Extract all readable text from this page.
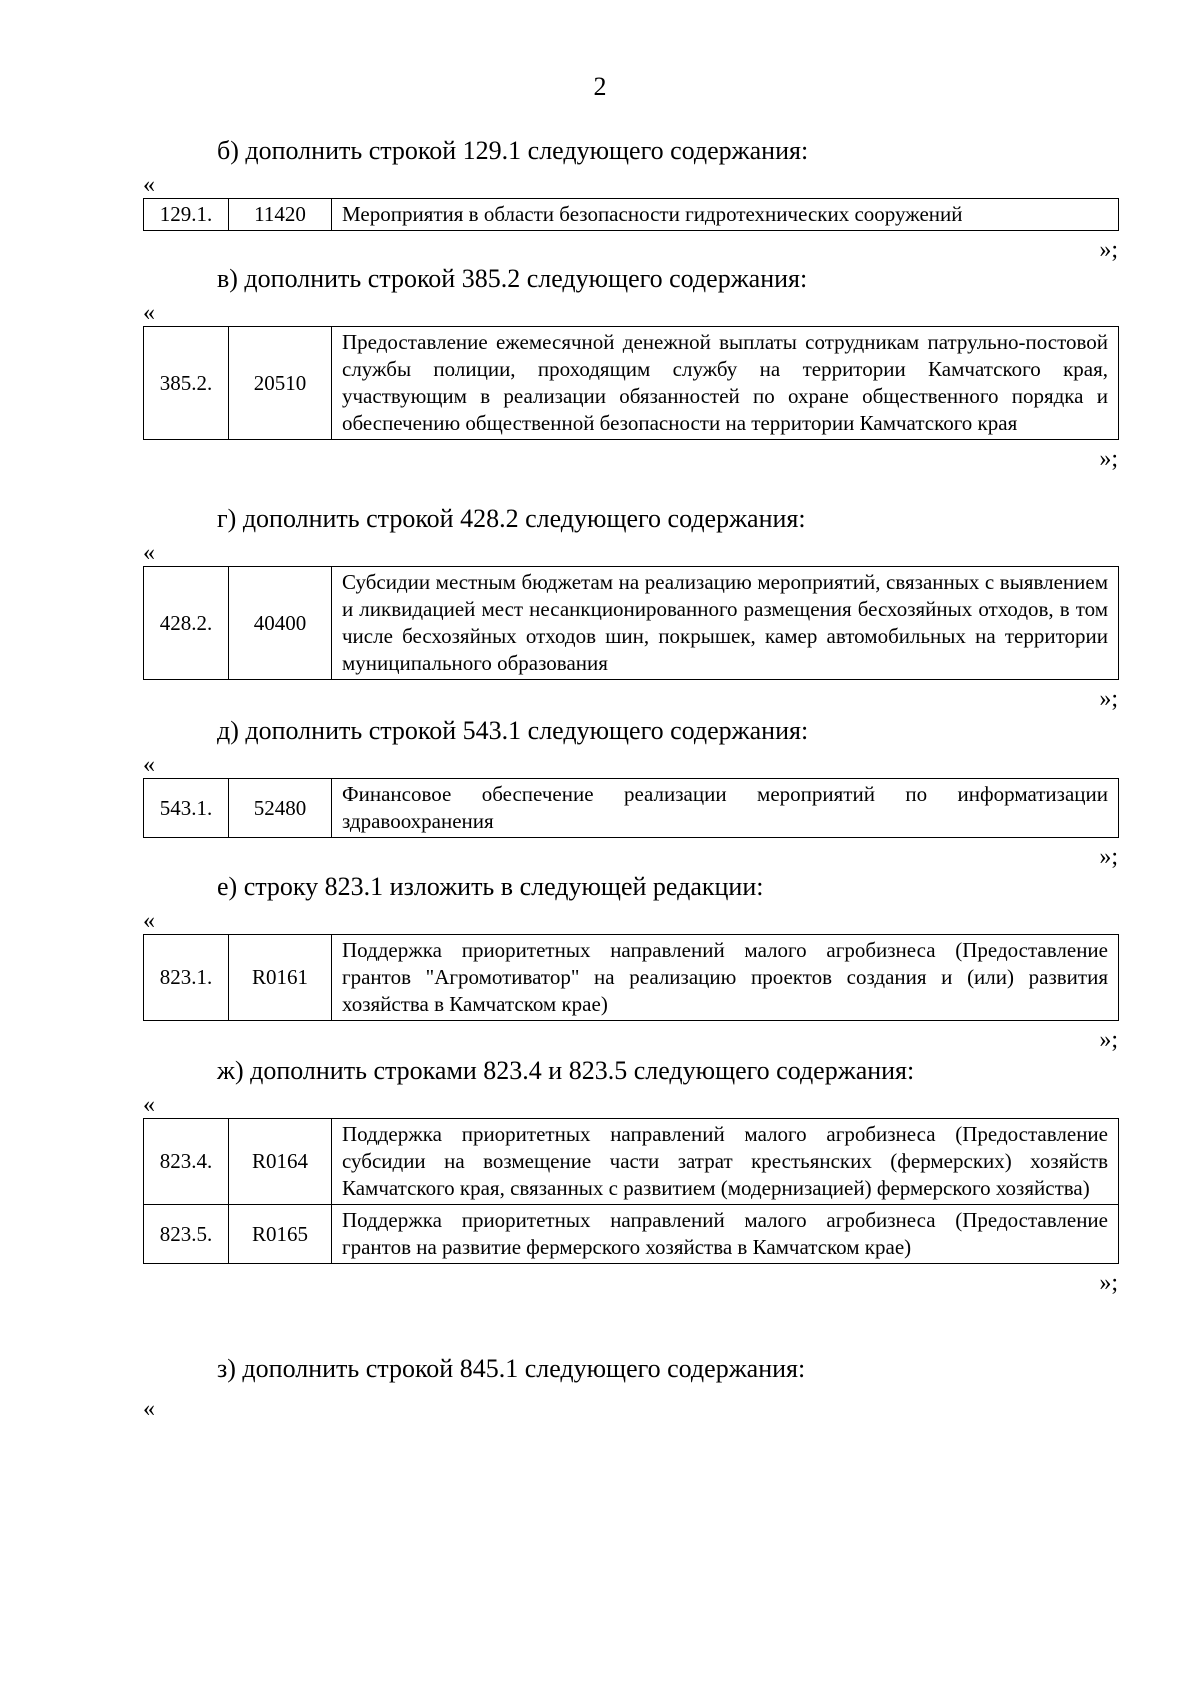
2
б) дополнить строкой 129.1 следующего содержания:
«
129.1.	11420	Мероприятия в области безопасности гидротехнических сооружений
»;
в) дополнить строкой 385.2 следующего содержания:
«
385.2.	20510	Предоставление ежемесячной денежной выплаты сотрудникам патрульно-постовой службы полиции, проходящим службу на территории Камчатского края, участвующим в реализации обязанностей по охране общественного порядка и обеспечению общественной безопасности на территории Камчатского края
»;
г) дополнить строкой 428.2 следующего содержания:
«
428.2.	40400	Субсидии местным бюджетам на реализацию мероприятий, связанных с выявлением и ликвидацией мест несанкционированного размещения бесхозяйных отходов, в том числе бесхозяйных отходов шин, покрышек, камер автомобильных на территории муниципального образования
»;
д) дополнить строкой 543.1 следующего содержания:
«
543.1.	52480	Финансовое обеспечение реализации мероприятий по информатизации здравоохранения
»;
е) строку 823.1 изложить в следующей редакции:
«
823.1.	R0161	Поддержка приоритетных направлений малого агробизнеса (Предоставление грантов "Агромотиватор" на реализацию проектов создания и (или) развития хозяйства в Камчатском крае)
»;
ж) дополнить строками 823.4 и 823.5 следующего содержания:
«
823.4.	R0164	Поддержка приоритетных направлений малого агробизнеса (Предоставление субсидии на возмещение части затрат крестьянских (фермерских) хозяйств Камчатского края, связанных с развитием (модернизацией) фермерского хозяйства)
823.5.	R0165	Поддержка приоритетных направлений малого агробизнеса (Предоставление грантов на развитие фермерского хозяйства в Камчатском крае)
»;
з) дополнить строкой 845.1 следующего содержания:
«
